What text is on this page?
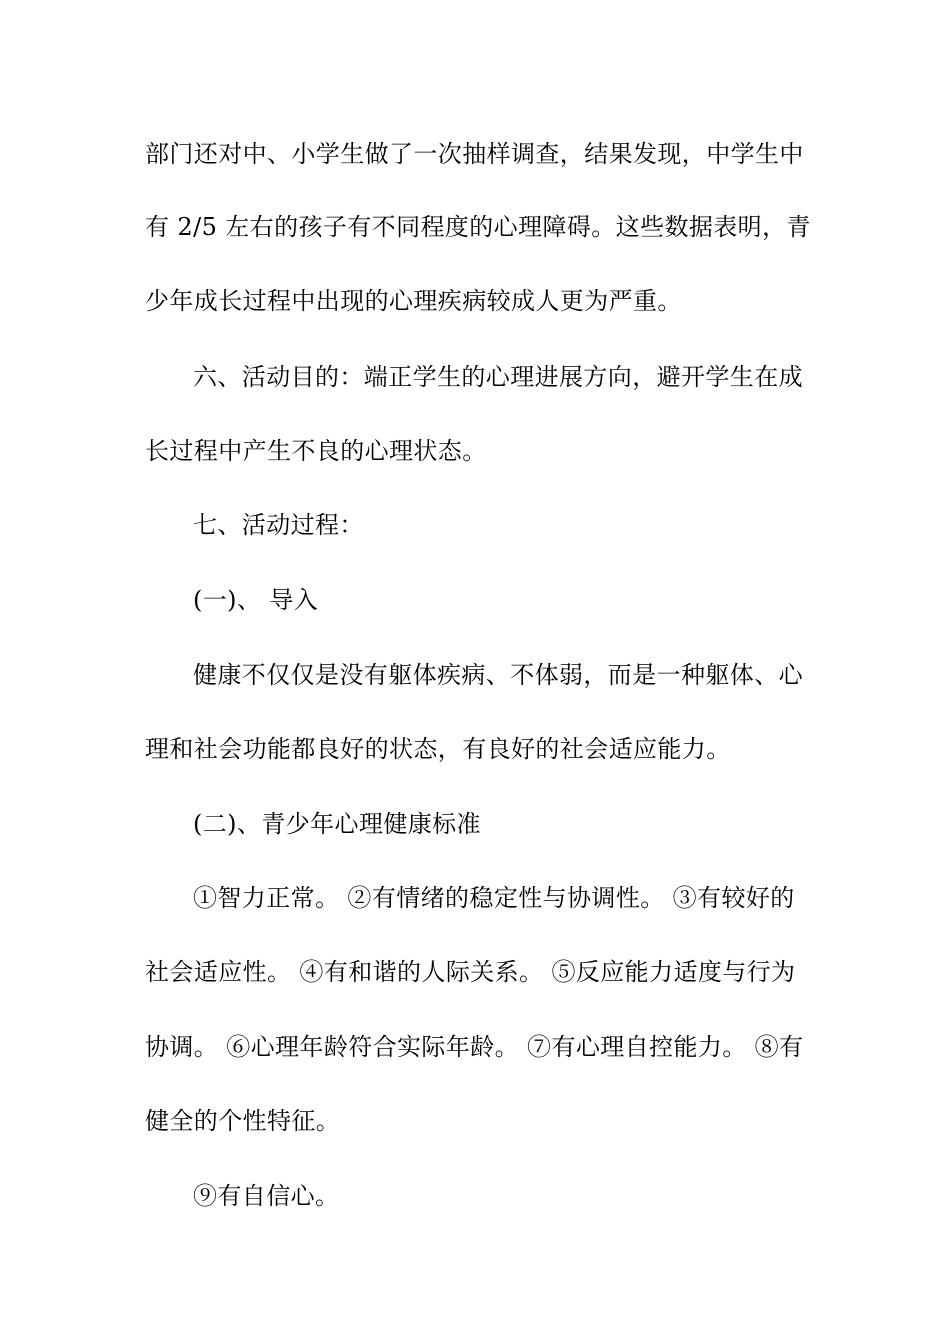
部门还对中、小学生做了一次抽样调查，结果发现，中学生中
有 2/5 左右的孩子有不同程度的心理障碍。这些数据表明，青
少年成长过程中出现的心理疾病较成人更为严重。
六、活动目的：端正学生的心理进展方向，避开学生在成
长过程中产生不良的心理状态。
七、活动过程：
(一)、 导入
健康不仅仅是没有躯体疾病、不体弱，而是一种躯体、心
理和社会功能都良好的状态，有良好的社会适应能力。
(二)、青少年心理健康标准
①智力正常。 ②有情绪的稳定性与协调性。 ③有较好的
社会适应性。 ④有和谐的人际关系。 ⑤反应能力适度与行为
协调。 ⑥心理年龄符合实际年龄。 ⑦有心理自控能力。 ⑧有
健全的个性特征。
⑨有自信心。
